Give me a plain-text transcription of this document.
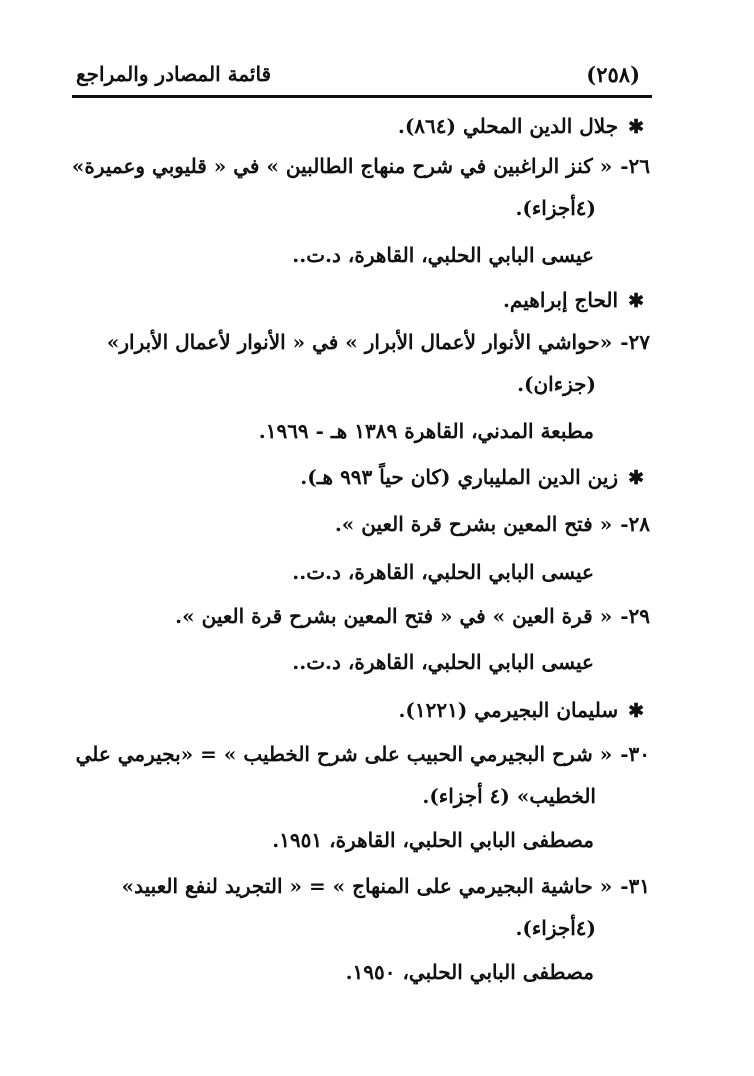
(٢٥٨)
قائمة المصادر والمراجع
✱جلال الدين المحلي (٨٦٤).
٢٦-« كنز الراغبين في شرح منهاج الطالبين » في « قليوبي وعميرة»
(٤أجزاء).
عيسى البابي الحلبي، القاهرة، د.ت..
✱الحاج إبراهيم.
٢٧-«حواشي الأنوار لأعمال الأبرار » في « الأنوار لأعمال الأبرار»
(جزءان).
مطبعة المدني، القاهرة ١٣٨٩ هـ - ١٩٦٩.
✱زين الدين المليباري (كان حياً ٩٩٣ هـ).
٢٨-« فتح المعين بشرح قرة العين ».
عيسى البابي الحلبي، القاهرة، د.ت..
٢٩-« قرة العين » في « فتح المعين بشرح قرة العين ».
عيسى البابي الحلبي، القاهرة، د.ت..
✱سليمان البجيرمي (١٢٢١).
٣٠-« شرح البجيرمي الحبيب على شرح الخطيب » = «بجيرمي علي
الخطيب» (٤ أجزاء).
مصطفى البابي الحلبي، القاهرة، ١٩٥١.
٣١-« حاشية البجيرمي على المنهاج » = « التجريد لنفع العبيد»
(٤أجزاء).
مصطفى البابي الحلبي، ١٩٥٠.
